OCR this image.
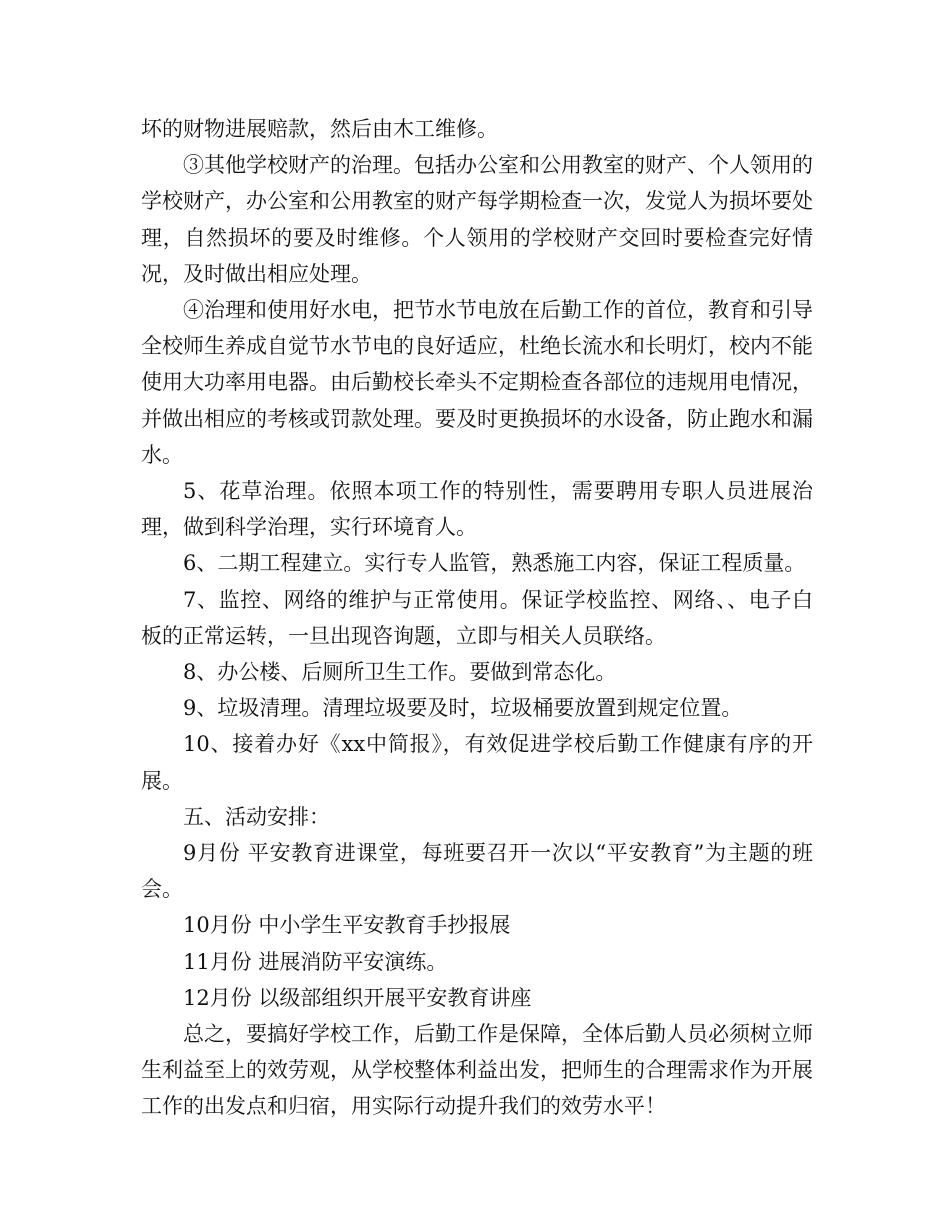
坏的财物进展赔款，然后由木工维修。

③其他学校财产的治理。包括办公室和公用教室的财产、个人领用的学校财产，办公室和公用教室的财产每学期检查一次，发觉人为损坏要处理，自然损坏的要及时维修。个人领用的学校财产交回时要检查完好情况，及时做出相应处理。

④治理和使用好水电，把节水节电放在后勤工作的首位，教育和引导全校师生养成自觉节水节电的良好适应，杜绝长流水和长明灯，校内不能使用大功率用电器。由后勤校长牵头不定期检查各部位的违规用电情况，并做出相应的考核或罚款处理。要及时更换损坏的水设备，防止跑水和漏水。

5、花草治理。依照本项工作的特别性，需要聘用专职人员进展治理，做到科学治理，实行环境育人。

6、二期工程建立。实行专人监管，熟悉施工内容，保证工程质量。

7、监控、网络的维护与正常使用。保证学校监控、网络、、电子白板的正常运转，一旦出现咨询题，立即与相关人员联络。

8、办公楼、后厕所卫生工作。要做到常态化。

9、垃圾清理。清理垃圾要及时，垃圾桶要放置到规定位置。

10、接着办好《xx中简报》，有效促进学校后勤工作健康有序的开展。

五、活动安排：

9月份 平安教育进课堂，每班要召开一次以“平安教育”为主题的班会。

10月份 中小学生平安教育手抄报展

11月份 进展消防平安演练。

12月份 以级部组织开展平安教育讲座

总之，要搞好学校工作，后勤工作是保障，全体后勤人员必须树立师生利益至上的效劳观，从学校整体利益出发，把师生的合理需求作为开展工作的出发点和归宿，用实际行动提升我们的效劳水平！
